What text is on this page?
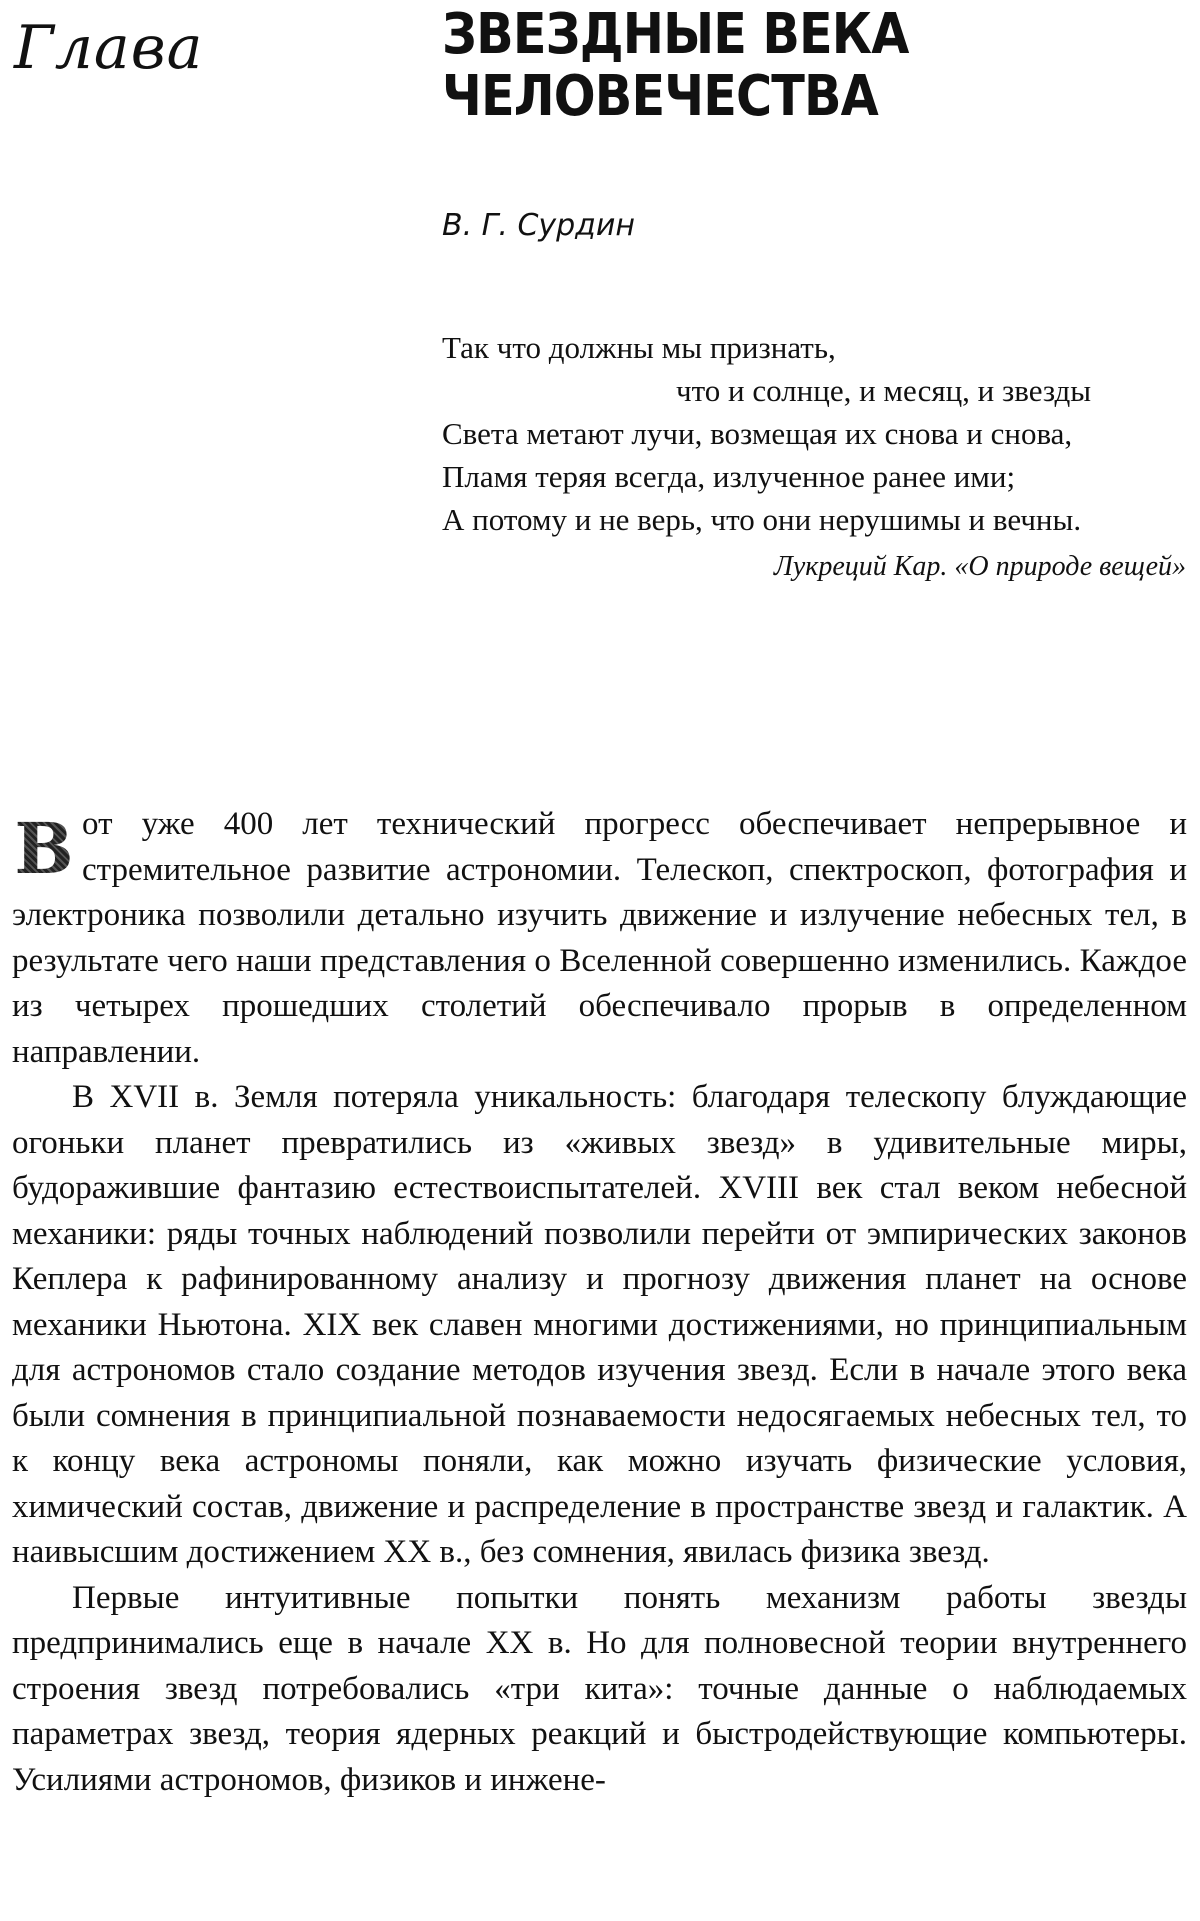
Глава	ЗВЕЗДНЫЕ ВЕКА
ЧЕЛОВЕЧЕСТВА
В. Г. Сурдин
Так что должны мы признать,
что и солнце, и месяц, и звезды
Света метают лучи, возмещая их снова и снова,
Пламя теряя всегда, излученное ранее ими;
А потому и не верь, что они нерушимы и вечны.
Лукреций Кар. «О природе вещей»

В от уже 400 лет технический прогресс обеспечивает непрерывное и стремительное развитие астрономии. Телескоп, спектроскоп, фотография и электроника позволили детально изучить движение и излучение небесных тел, в результате чего наши представления о Вселенной совершенно изменились. Каждое из четырех прошедших столетий обеспечивало прорыв в определенном направлении.

В XVII в. Земля потеряла уникальность: благодаря телескопу блуждающие огоньки планет превратились из «живых звезд» в удивительные миры, будоражившие фантазию естествоиспытателей. XVIII век стал веком небесной механики: ряды точных наблюдений позволили перейти от эмпирических законов Кеплера к рафинированному анализу и прогнозу движения планет на основе механики Ньютона. XIX век славен многими достижениями, но принципиальным для астрономов стало создание методов изучения звезд. Если в начале этого века были сомнения в принципиальной познаваемости недосягаемых небесных тел, то к концу века астрономы поняли, как можно изучать физические условия, химический состав, движение и распределение в пространстве звезд и галактик. А наивысшим достижением XX в., без сомнения, явилась физика звезд.

Первые интуитивные попытки понять механизм работы звезды предпринимались еще в начале XX в. Но для полновесной теории внутреннего строения звезд потребовались «три кита»: точные данные о наблюдаемых параметрах звезд, теория ядерных реакций и быстродействующие компьютеры. Усилиями астрономов, физиков и инжене-
